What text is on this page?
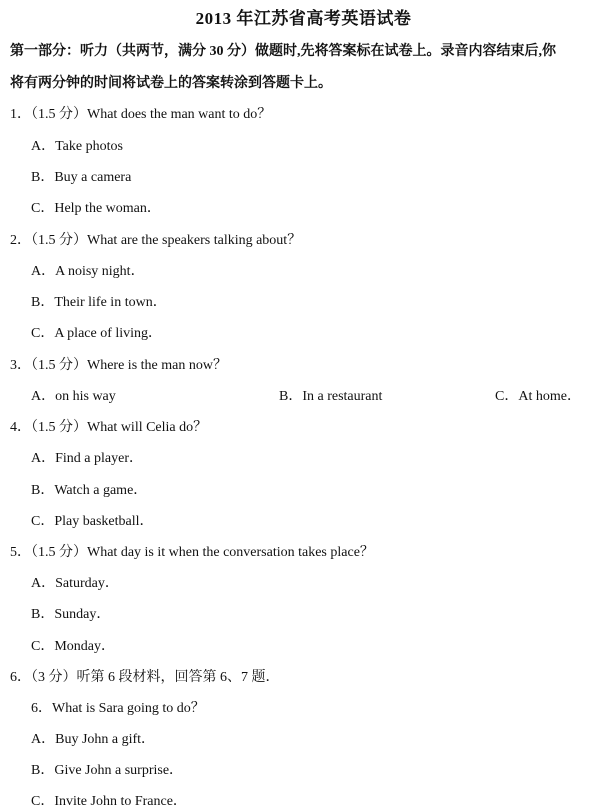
2013 年江苏省高考英语试卷
第一部分：听力（共两节，满分 30 分）做题时,先将答案标在试卷上。录音内容结束后,你
将有两分钟的时间将试卷上的答案转涂到答题卡上。
1．（1.5 分）What does the man want to do？
A．Take photos
B．Buy a camera
C．Help the woman．
2．（1.5 分）What are the speakers talking about？
A．A noisy night．
B．Their life in town．
C．A place of living．
3．（1.5 分）Where is the man now？
A．on his way	B．In a restaurant	C．At home．
4．（1.5 分）What will Celia do？
A．Find a player．
B．Watch a game．
C．Play basketball．
5．（1.5 分）What day is it when the conversation takes place？
A．Saturday．
B．Sunday．
C．Monday．
6．（3 分）听第 6 段材料，回答第 6、7 题．
6．What is Sara going to do？
A．Buy John a gift．
B．Give John a surprise．
C．Invite John to France．
